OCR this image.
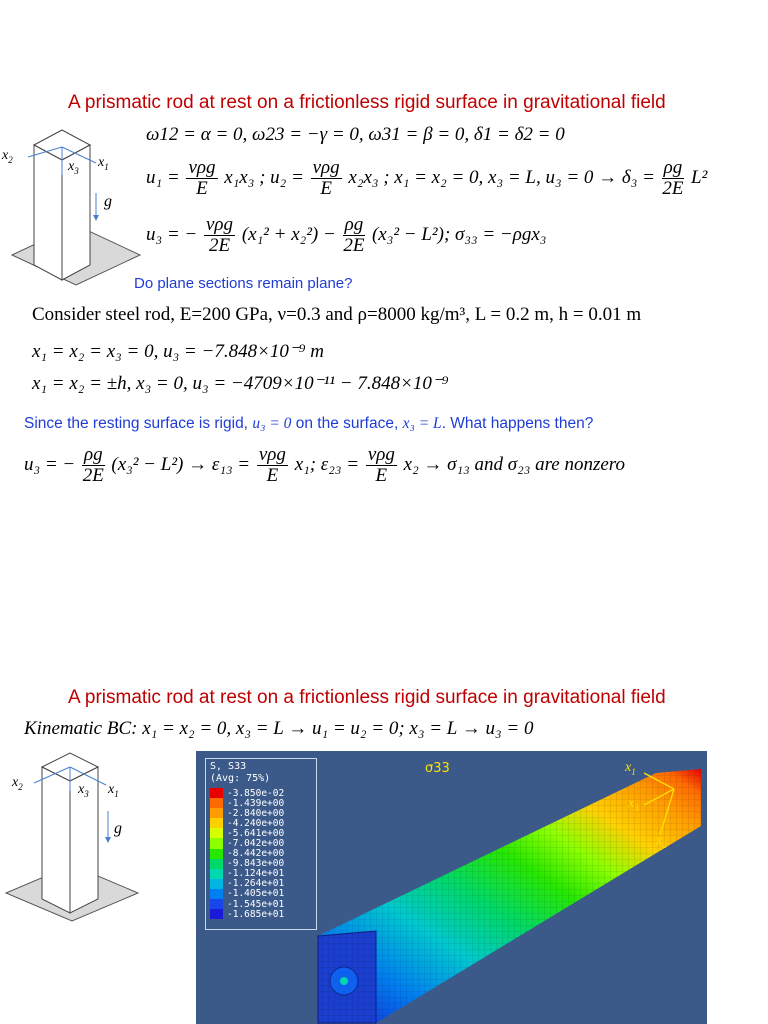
A prismatic rod at rest on a frictionless rigid surface in gravitational field
$x_2$	$x_3$
$x_1$
g
ω12 = α = 0, ω23 = −γ = 0, ω31 = β = 0, δ1 = δ2 = 0
$u_1 = \frac{\text{νρg}}{E} x_1x_3$ ; $u_2 = \frac{\text{νρg}}{E} x_2x_3$ ; x₁ = x₂ = 0, x₃ = L, $u_3 = 0 \to \delta_3 = \frac{\rho g}{2E} L^2$
u₃ = − $\frac{\text{νρg}}{2E} (x_1^2 + x_2^2) - \frac{\rho g}{2E} (x_3^2 - L^2)$; σ₃₃ = −ρgx₃
Do plane sections remain plane?
Consider steel rod, E=200 GPa, ν=0.3 and ρ=8000 kg/m³, L = 0.2 m, h = 0.01 m
x₁ = x₂ = x₃ = 0, u₃ = −7.848×10⁻⁹ m
x₁ = x₂ = ±h, x₃ = 0, u₃ = −4709×10⁻¹¹ − 7.848×10⁻⁹
Since the resting surface is rigid, u₃ = 0 on the surface, x₃ = L. What happens then?
u₃ = − $\frac{\rho g}{2E} (x_3^2 - L^2) \to \varepsilon_{13} = \frac{\text{νρg}}{E} x_1$; $\varepsilon_{23} = \frac{\text{νρg}}{E} x_2 \to \sigma_{13}$ and σ₂₃ are nonzero
A prismatic rod at rest on a frictionless rigid surface in gravitational field
Kinematic BC: x₁ = x₂ = 0, x₃ = L → u₁ = u₂ = 0; x₃ = L → u₃ = 0
$x_2$	$x_3$ $x_1$
g
σ33	$x_1$
$x_3$
$x_2$
S, S33
(Avg: 75%)
-3.850e-02
-1.439e+00
-2.840e+00
-4.240e+00
-5.641e+00
-7.042e+00
-8.442e+00
-9.843e+00
-1.124e+01
-1.264e+01
-1.405e+01
-1.545e+01
-1.685e+01
